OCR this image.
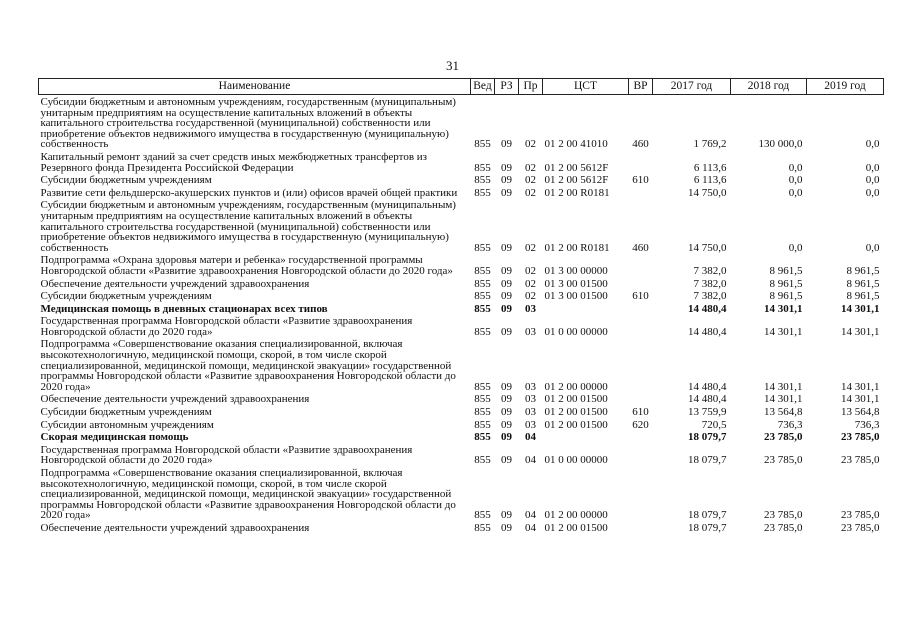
31
Наименование	Вед	РЗ	Пр	ЦСТ	ВР	2017 год	2018 год	2019 год
Субсидии бюджетным и автономным учреждениям, государственным (муниципальным) унитарным предприятиям на осуществление капитальных вложений в объекты капитального строительства государственной (муниципальной) собственности или приобретение объектов недвижимого имущества в государственную (муниципальную) собственность	855	09	02	01 2 00 41010	460	1 769,2	130 000,0	0,0
Капитальный ремонт зданий за счет средств иных межбюджетных трансфертов из Резервного фонда Президента Российской Федерации	855	09	02	01 2 00 5612F		6 113,6	0,0	0,0
Субсидии бюджетным учреждениям	855	09	02	01 2 00 5612F	610	6 113,6	0,0	0,0
Развитие сети фельдшерско-акушерских пунктов и (или) офисов врачей общей практики	855	09	02	01 2 00 R0181		14 750,0	0,0	0,0
Субсидии бюджетным и автономным учреждениям, государственным (муниципальным) унитарным предприятиям на осуществление капитальных вложений в объекты капитального строительства государственной (муниципальной) собственности или приобретение объектов недвижимого имущества в государственную (муниципальную) собственность	855	09	02	01 2 00 R0181	460	14 750,0	0,0	0,0
Подпрограмма «Охрана здоровья матери и ребенка» государственной программы Новгородской области «Развитие здравоохранения Новгородской области до 2020 года»	855	09	02	01 3 00 00000		7 382,0	8 961,5	8 961,5
Обеспечение деятельности учреждений здравоохранения	855	09	02	01 3 00 01500		7 382,0	8 961,5	8 961,5
Субсидии бюджетным учреждениям	855	09	02	01 3 00 01500	610	7 382,0	8 961,5	8 961,5
Медицинская помощь в дневных стационарах всех типов	855	09	03			14 480,4	14 301,1	14 301,1
Государственная программа Новгородской области «Развитие здравоохранения Новгородской области до 2020 года»	855	09	03	01 0 00 00000		14 480,4	14 301,1	14 301,1
Подпрограмма «Совершенствование оказания специализированной, включая высокотехнологичную, медицинской помощи, скорой, в том числе скорой специализированной, медицинской помощи, медицинской эвакуации» государственной программы Новгородской области «Развитие здравоохранения Новгородской области до 2020 года»	855	09	03	01 2 00 00000		14 480,4	14 301,1	14 301,1
Обеспечение деятельности учреждений здравоохранения	855	09	03	01 2 00 01500		14 480,4	14 301,1	14 301,1
Субсидии бюджетным учреждениям	855	09	03	01 2 00 01500	610	13 759,9	13 564,8	13 564,8
Субсидии автономным учреждениям	855	09	03	01 2 00 01500	620	720,5	736,3	736,3
Скорая медицинская помощь	855	09	04			18 079,7	23 785,0	23 785,0
Государственная программа Новгородской области «Развитие здравоохранения Новгородской области до 2020 года»	855	09	04	01 0 00 00000		18 079,7	23 785,0	23 785,0
Подпрограмма «Совершенствование оказания специализированной, включая высокотехнологичную, медицинской помощи, скорой, в том числе скорой специализированной, медицинской помощи, медицинской эвакуации» государственной программы Новгородской области «Развитие здравоохранения Новгородской области до 2020 года»	855	09	04	01 2 00 00000		18 079,7	23 785,0	23 785,0
Обеспечение деятельности учреждений здравоохранения	855	09	04	01 2 00 01500		18 079,7	23 785,0	23 785,0
